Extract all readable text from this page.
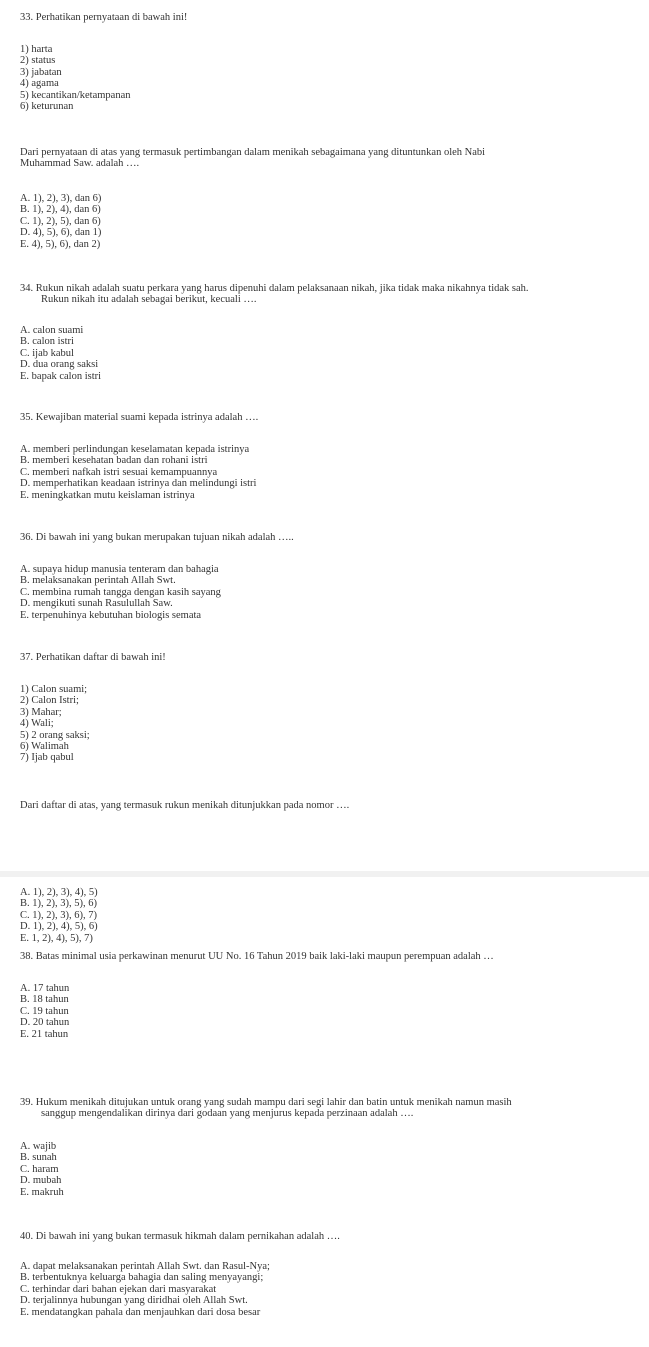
33. Perhatikan pernyataan di bawah ini!
1) harta
2) status
3) jabatan
4) agama
5) kecantikan/ketampanan
6) keturunan
Dari pernyataan di atas yang termasuk pertimbangan dalam menikah sebagaimana yang dituntunkan oleh Nabi
Muhammad Saw. adalah ….
A. 1), 2), 3), dan 6)
B. 1), 2), 4), dan 6)
C. 1), 2), 5), dan 6)
D. 4), 5), 6), dan 1)
E. 4), 5), 6), dan 2)
34. Rukun nikah adalah suatu perkara yang harus dipenuhi dalam pelaksanaan nikah, jika tidak maka nikahnya tidak sah.
Rukun nikah itu adalah sebagai berikut, kecuali ….
A. calon suami
B. calon istri
C. ijab kabul
D. dua orang saksi
E. bapak calon istri
35. Kewajiban material suami kepada istrinya adalah ….
A. memberi perlindungan keselamatan kepada istrinya
B. memberi kesehatan badan dan rohani istri
C. memberi nafkah istri sesuai kemampuannya
D. memperhatikan keadaan istrinya dan melindungi istri
E. meningkatkan mutu keislaman istrinya
36. Di bawah ini yang bukan merupakan tujuan nikah adalah …..
A. supaya hidup manusia tenteram dan bahagia
B. melaksanakan perintah Allah Swt.
C. membina rumah tangga dengan kasih sayang
D. mengikuti sunah Rasulullah Saw.
E. terpenuhinya kebutuhan biologis semata
37. Perhatikan daftar di bawah ini!
1) Calon suami;
2) Calon Istri;
3) Mahar;
4) Wali;
5) 2 orang saksi;
6) Walimah
7) Ijab qabul
Dari daftar di atas, yang termasuk rukun menikah ditunjukkan pada nomor ….
A. 1), 2), 3), 4), 5)
B. 1), 2), 3), 5), 6)
C. 1), 2), 3), 6), 7)
D. 1), 2), 4), 5), 6)
E. 1, 2), 4), 5), 7)
38. Batas minimal usia perkawinan menurut UU No. 16 Tahun 2019 baik laki-laki maupun perempuan adalah …
A. 17 tahun
B. 18 tahun
C. 19 tahun
D. 20 tahun
E. 21 tahun
39. Hukum menikah ditujukan untuk orang yang sudah mampu dari segi lahir dan batin untuk menikah namun masih
sanggup mengendalikan dirinya dari godaan yang menjurus kepada perzinaan adalah ….
A. wajib
B. sunah
C. haram
D. mubah
E. makruh
40. Di bawah ini yang bukan termasuk hikmah dalam pernikahan adalah ….
A. dapat melaksanakan perintah Allah Swt. dan Rasul-Nya;
B. terbentuknya keluarga bahagia dan saling menyayangi;
C. terhindar dari bahan ejekan dari masyarakat
D. terjalinnya hubungan yang diridhai oleh Allah Swt.
E. mendatangkan pahala dan menjauhkan dari dosa besar
